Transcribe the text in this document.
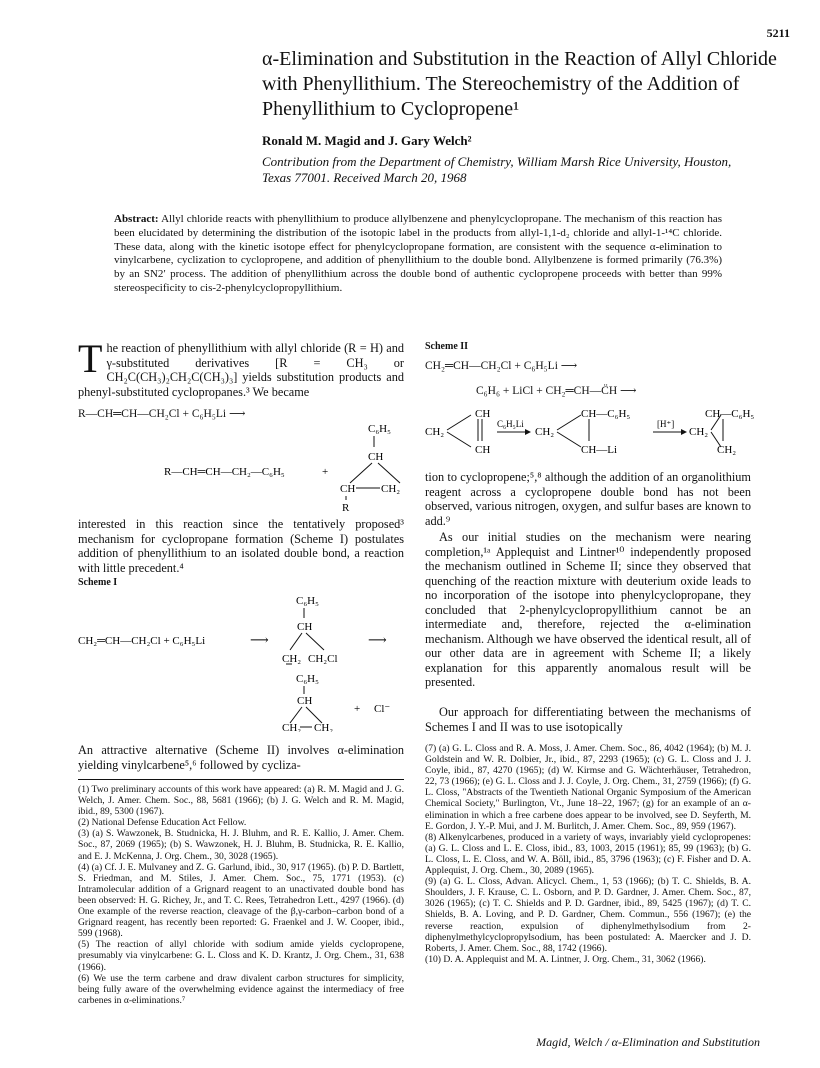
5211
α-Elimination and Substitution in the Reaction of Allyl Chloride with Phenyllithium. The Stereochemistry of the Addition of Phenyllithium to Cyclopropene¹
Ronald M. Magid and J. Gary Welch²
Contribution from the Department of Chemistry, William Marsh Rice University, Houston, Texas 77001. Received March 20, 1968
Abstract: Allyl chloride reacts with phenyllithium to produce allylbenzene and phenylcyclopropane. The mechanism of this reaction has been elucidated by determining the distribution of the isotopic label in the products from allyl-1,1-d₂ chloride and allyl-1-¹⁴C chloride. These data, along with the kinetic isotope effect for phenylcyclopropane formation, are consistent with the sequence α-elimination to vinylcarbene, cyclization to cyclopropene, and addition of phenyllithium to the double bond. Allylbenzene is formed primarily (76.3%) by an SN2′ process. The addition of phenyllithium across the double bond of authentic cyclopropene proceeds with better than 99% stereospecificity to cis-2-phenylcyclopropyllithium.
T he reaction of phenyllithium with allyl chloride (R = H) and γ-substituted derivatives [R = CH₃ or CH₂C(CH₃)₂CH₂C(CH₃)₃] yields substitution products and phenyl-substituted cyclopropanes.³ We became
R—CH═CH—CH₂Cl + C₆H₅Li ⟶
C₆H₅
CH
R—CH═CH—CH₂—C₆H₅	+
CH CH₂
R
interested in this reaction since the tentatively proposed³ mechanism for cyclopropane formation (Scheme I) postulates addition of phenyllithium to an isolated double bond, a reaction with little precedent.⁴
Scheme I
C₆H₅
CH
CH₂═CH—CH₂Cl + C₆H₅Li	⟶
CH₂ CH₂Cl
⟶
C₆H₅
CH
CH₂ CH₂
+ Cl⁻
An attractive alternative (Scheme II) involves α-elimination yielding vinylcarbene⁵,⁶ followed by cycliza-
(1) Two preliminary accounts of this work have appeared: (a) R. M. Magid and J. G. Welch, J. Amer. Chem. Soc., 88, 5681 (1966); (b) J. G. Welch and R. M. Magid, ibid., 89, 5300 (1967).
(2) National Defense Education Act Fellow.
(3) (a) S. Wawzonek, B. Studnicka, H. J. Bluhm, and R. E. Kallio, J. Amer. Chem. Soc., 87, 2069 (1965); (b) S. Wawzonek, H. J. Bluhm, B. Studnicka, R. E. Kallio, and E. J. McKenna, J. Org. Chem., 30, 3028 (1965).
(4) (a) Cf. J. E. Mulvaney and Z. G. Garlund, ibid., 30, 917 (1965). (b) P. D. Bartlett, S. Friedman, and M. Stiles, J. Amer. Chem. Soc., 75, 1771 (1953). (c) Intramolecular addition of a Grignard reagent to an unactivated double bond has been observed: H. G. Richey, Jr., and T. C. Rees, Tetrahedron Lett., 4297 (1966). (d) One example of the reverse reaction, cleavage of the β,γ-carbon–carbon bond of a Grignard reagent, has recently been reported: G. Fraenkel and J. W. Cooper, ibid., 599 (1968).
(5) The reaction of allyl chloride with sodium amide yields cyclopropene, presumably via vinylcarbene: G. L. Closs and K. D. Krantz, J. Org. Chem., 31, 638 (1966).
(6) We use the term carbene and draw divalent carbon structures for simplicity, being fully aware of the overwhelming evidence against the intermediacy of free carbenes in α-eliminations.⁷
Scheme II
CH₂═CH—CH₂Cl + C₆H₅Li ⟶
C₆H₆ + LiCl + CH₂═CH—C̈H ⟶
CH
CH₂
CH
C₆H₅Li
CH₂
CH—C₆H₅
CH—Li
[H⁺]
CH₂
CH—C₆H₅
CH₂
tion to cyclopropene;⁵,⁸ although the addition of an organolithium reagent across a cyclopropene double bond has not been observed, various nitrogen, oxygen, and sulfur bases are known to add.⁹
As our initial studies on the mechanism were nearing completion,¹ᵃ Applequist and Lintner¹⁰ independently proposed the mechanism outlined in Scheme II; since they observed that quenching of the reaction mixture with deuterium oxide leads to no incorporation of the isotope into phenylcyclopropane, they concluded that 2-phenylcyclopropyllithium cannot be an intermediate and, therefore, rejected the α-elimination mechanism. Although we have observed the identical result, all of our other data are in agreement with Scheme II; a likely explanation for this apparently anomalous result will be presented.
Our approach for differentiating between the mechanisms of Schemes I and II was to use isotopically
(7) (a) G. L. Closs and R. A. Moss, J. Amer. Chem. Soc., 86, 4042 (1964); (b) M. J. Goldstein and W. R. Dolbier, Jr., ibid., 87, 2293 (1965); (c) G. L. Closs and J. J. Coyle, ibid., 87, 4270 (1965); (d) W. Kirmse and G. Wächterhäuser, Tetrahedron, 22, 73 (1966); (e) G. L. Closs and J. J. Coyle, J. Org. Chem., 31, 2759 (1966); (f) G. L. Closs, "Abstracts of the Twentieth National Organic Symposium of the American Chemical Society," Burlington, Vt., June 18–22, 1967; (g) for an example of an α-elimination in which a free carbene does appear to be involved, see D. Seyferth, M. E. Gordon, J. Y.-P. Mui, and J. M. Burlitch, J. Amer. Chem. Soc., 89, 959 (1967).
(8) Alkenylcarbenes, produced in a variety of ways, invariably yield cyclopropenes: (a) G. L. Closs and L. E. Closs, ibid., 83, 1003, 2015 (1961); 85, 99 (1963); (b) G. L. Closs, L. E. Closs, and W. A. Böll, ibid., 85, 3796 (1963); (c) F. Fisher and D. A. Applequist, J. Org. Chem., 30, 2089 (1965).
(9) (a) G. L. Closs, Advan. Alicycl. Chem., 1, 53 (1966); (b) T. C. Shields, B. A. Shoulders, J. F. Krause, C. L. Osborn, and P. D. Gardner, J. Amer. Chem. Soc., 87, 3026 (1965); (c) T. C. Shields and P. D. Gardner, ibid., 89, 5425 (1967); (d) T. C. Shields, B. A. Loving, and P. D. Gardner, Chem. Commun., 556 (1967); (e) the reverse reaction, expulsion of diphenylmethylsodium from 2-diphenylmethylcyclopropylsodium, has been postulated: A. Maercker and J. D. Roberts, J. Amer. Chem. Soc., 88, 1742 (1966).
(10) D. A. Applequist and M. A. Lintner, J. Org. Chem., 31, 3062 (1966).
Magid, Welch / α-Elimination and Substitution
